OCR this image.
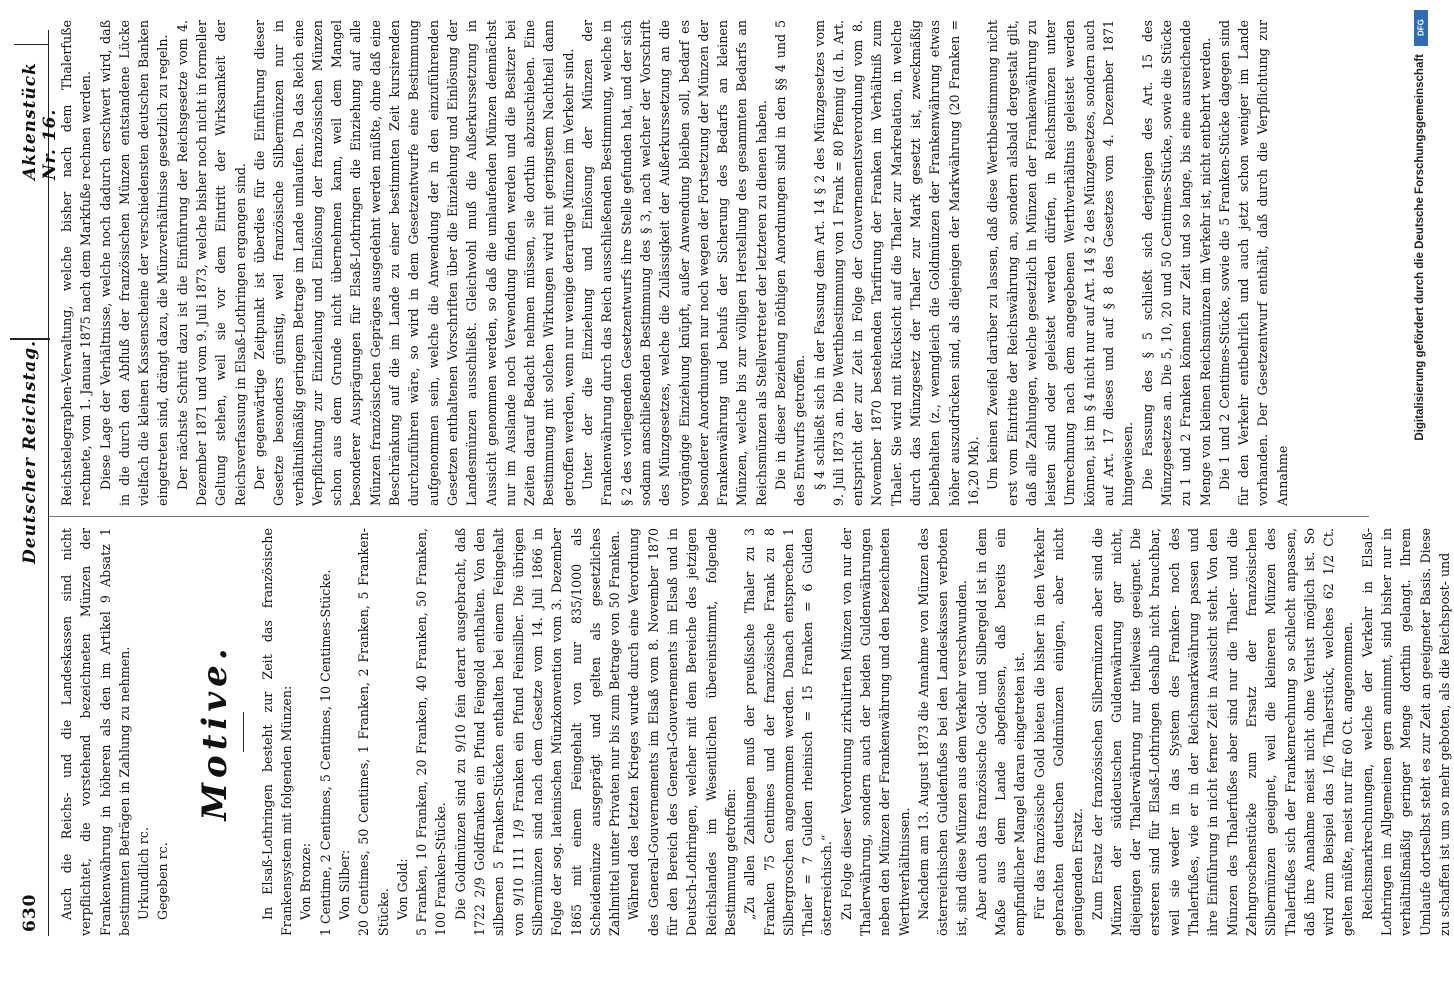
630
Deutscher Reichstag.
Aktenstück Nr. 16.

Auch die Reichs- und die Landeskassen sind nicht verpflichtet, die vorstehend bezeichneten Münzen der Frankenwährung in höheren als den im Artikel 9 Absatz 1 bestimmten Beträgen in Zahlung zu nehmen. Urkundlich rc. Gegeben rc.

Motive.	In Elsaß-Lothringen besteht zur Zeit das französische Frankensystem mit folgenden Münzen: Von Bronze: 1 Centime, 2 Centimes, 5 Centimes, 10 Centimes-Stücke. Von Silber: 20 Centimes, 50 Centimes, 1 Franken, 2 Franken, 5 Franken-Stücke. Von Gold: 5 Franken, 10 Franken, 20 Franken, 40 Franken, 50 Franken, 100 Franken-Stücke. Die Goldmünzen sind zu 9/10 fein derart ausgebracht, daß 1722 2/9 Goldfranken ein Pfund Feingold enthalten. Von den silbernen 5 Franken-Stücken enthalten bei einem Feingehalt von 9/10 111 1/9 Franken ein Pfund Feinsilber. Die übrigen Silbermünzen sind nach dem Gesetze vom 14. Juli 1866 in Folge der sog. lateinischen Münzkonvention vom 3. Dezember 1865 mit einem Feingehalt von nur 835/1000 als Scheidemünze ausgeprägt und gelten als gesetzliches Zahlmittel unter Privaten nur bis zum Betrage von 50 Franken. Während des letzten Krieges wurde durch eine Verordnung des General-Gouvernements im Elsaß vom 8. November 1870 für den Bereich des General-Gouvernements im Elsaß und in Deutsch-Lothringen, welcher mit dem Bereiche des jetzigen Reichslandes im Wesentlichen übereinstimmt, folgende Bestimmung getroffen: „Zu allen Zahlungen muß der preußische Thaler zu 3 Franken 75 Centimes und der französische Frank zu 8 Silbergroschen angenommen werden. Danach entsprechen 1 Thaler = 7 Gulden rheinisch = 15 Franken = 6 Gulden österreichisch.“ Zu Folge dieser Verordnung zirkulirten Münzen von nur der Thalerwährung, sondern auch der beiden Guldenwährungen neben den Münzen der Frankenwährung und den bezeichneten Werthverhältnissen. Nachdem am 13. August 1873 die Annahme von Münzen des österreichischen Guldenfußes bei den Landeskassen verboten ist, sind diese Münzen aus dem Verkehr verschwunden. Aber auch das französische Gold- und Silbergeld ist in dem Maße aus dem Lande abgeflossen, daß bereits ein empfindlicher Mangel daran eingetreten ist. Für das französische Gold bieten die bisher in den Verkehr gebrachten deutschen Goldmünzen einigen, aber nicht genügenden Ersatz. Zum Ersatz der französischen Silbermünzen aber sind die Münzen der süddeutschen Guldenwährung gar nicht, diejenigen der Thalerwährung nur theilweise geeignet. Die ersteren sind für Elsaß-Lothringen deshalb nicht brauchbar, weil sie weder in das System des Franken- noch des Thalerfußes, wie er in der Reichsmarkwährung passen und ihre Einführung in nicht ferner Zeit in Aussicht steht. Von den Münzen des Thalerfußes aber sind nur die Thaler- und die Zehngroschenstücke zum Ersatz der französischen Silbermünzen geeignet, weil die kleineren Münzen des Thalerfußes sich der Frankenrechnung so schlecht anpassen, daß ihre Annahme meist nicht ohne Verlust möglich ist. So wird zum Beispiel das 1/6 Thalerstück, welches 62 1/2 Ct. gelten müßte, meist nur für 60 Ct. angenommen. Reichsmarkrechnungen, welche der Verkehr in Elsaß-Lothringen im Allgemeinen gern annimmt, sind bisher nur in verhältnißmäßig geringer Menge dorthin gelangt. Ihrem Umlaufe dortselbst steht es zur Zeit an geeigneter Basis. Diese zu schaffen ist um so mehr geboten, als die Reichspost- und

Reichstelegraphen-Verwaltung, welche bisher nach dem Thalerfuße rechnete, vom 1. Januar 1875 nach dem Markfuße rechnen werden. Diese Lage der Verhältnisse, welche noch dadurch erschwert wird, daß in die durch den Abfluß der französischen Münzen entstandene Lücke vielfach die kleinen Kassenscheine der verschiedensten deutschen Banken eingetreten sind, drängt dazu, die Münzverhältnisse gesetzlich zu regeln. Der nächste Schritt dazu ist die Einführung der Reichsgesetze vom 4. Dezember 1871 und vom 9. Juli 1873, welche bisher noch nicht in formeller Geltung stehen, weil sie vor dem Eintritt der Wirksamkeit der Reichsverfassung in Elsaß-Lothringen ergangen sind. Der gegenwärtige Zeitpunkt ist überdies für die Einführung dieser Gesetze besonders günstig, weil französische Silbermünzen nur in verhältnißmäßig geringem Betrage im Lande umlaufen. Da das Reich eine Verpflichtung zur Einziehung und Einlösung der französischen Münzen schon aus dem Grunde nicht übernehmen kann, weil dem Mangel besonderer Ausprägungen für Elsaß-Lothringen die Einziehung auf alle Münzen französischen Gepräges ausgedehnt werden müßte, ohne daß eine Beschränkung auf die im Lande zu einer bestimmten Zeit kursirenden durchzuführen wäre, so wird in dem Gesetzentwurfe eine Bestimmung aufgenommen sein, welche die Anwendung der in den einzuführenden Gesetzen enthaltenen Vorschriften über die Einziehung und Einlösung der Landesmünzen ausschließt. Gleichwohl muß die Außerkurssetzung in Aussicht genommen werden, so daß die umlaufenden Münzen demnächst nur im Auslande noch Verwendung finden werden und die Besitzer bei Zeiten darauf Bedacht nehmen müssen, sie dorthin abzuschieben. Eine Bestimmung mit solchen Wirkungen wird mit geringstem Nachtheil dann getroffen werden, wenn nur wenige derartige Münzen im Verkehr sind. Unter der die Einziehung und Einlösung der Münzen der Frankenwährung durch das Reich ausschließenden Bestimmung, welche in § 2 des vorliegenden Gesetzentwurfs ihre Stelle gefunden hat, und der sich sodann anschließenden Bestimmung des § 3, nach welcher der Vorschrift des Münzgesetzes, welche die Zulässigkeit der Außerkurssetzung an die vorgängige Einziehung knüpft, außer Anwendung bleiben soll, bedarf es besonderer Anordnungen nur noch wegen der Fortsetzung der Münzen der Frankenwährung und behufs der Sicherung des Bedarfs an kleinen Münzen, welche bis zur völligen Herstellung des gesammten Bedarfs an Reichsmünzen als Stellvertreter der letzteren zu dienen haben. Die in dieser Beziehung nöthigen Anordnungen sind in den §§ 4 und 5 des Entwurfs getroffen. § 4 schließt sich in der Fassung dem Art. 14 § 2 des Münzgesetzes vom 9. Juli 1873 an. Die Werthbestimmung von 1 Frank = 80 Pfennig (d. h. Art. entspricht der zur Zeit in Folge der Gouvernementsverordnung vom 8. November 1870 bestehenden Tarifirung der Franken im Verhältniß zum Thaler. Sie wird mit Rücksicht auf die Thaler zur Markrelation, in welche durch das Münzgesetz der Thaler zur Mark gesetzt ist, zweckmäßig beibehalten (z., wenngleich die Goldmünzen der Frankenwährung etwas höher auszudrücken sind, als diejenigen der Markwährung (20 Franken = 16,20 Mk). Um keinen Zweifel darüber zu lassen, daß diese Werthbestimmung nicht erst vom Eintritte der Reichswährung an, sondern alsbald dergestalt gilt, daß alle Zahlungen, welche gesetzlich in Münzen der Frankenwährung zu leisten sind oder geleistet werden dürfen, in Reichsmünzen unter Umrechnung nach dem angegebenen Werthverhältnis geleistet werden können, ist im § 4 nicht nur auf Art. 14 § 2 des Münzgesetzes, sondern auch auf Art. 17 dieses und auf § 8 des Gesetzes vom 4. Dezember 1871 hingewiesen. Die Fassung des § 5 schließt sich derjenigen des Art. 15 des Münzgesetzes an. Die 5, 10, 20 und 50 Centimes-Stücke, sowie die Stücke zu 1 und 2 Franken können zur Zeit und so lange, bis eine ausreichende Menge von kleinen Reichsmünzen im Verkehr ist, nicht entbehrt werden. Die 1 und 2 Centimes-Stücke, sowie die 5 Franken-Stücke dagegen sind für den Verkehr entbehrlich und auch jetzt schon weniger im Lande vorhanden. Der Gesetzentwurf enthält, daß durch die Verpflichtung zur Annahme

DFG
Digitalisierung gefördert durch die Deutsche Forschungsgemeinschaft
